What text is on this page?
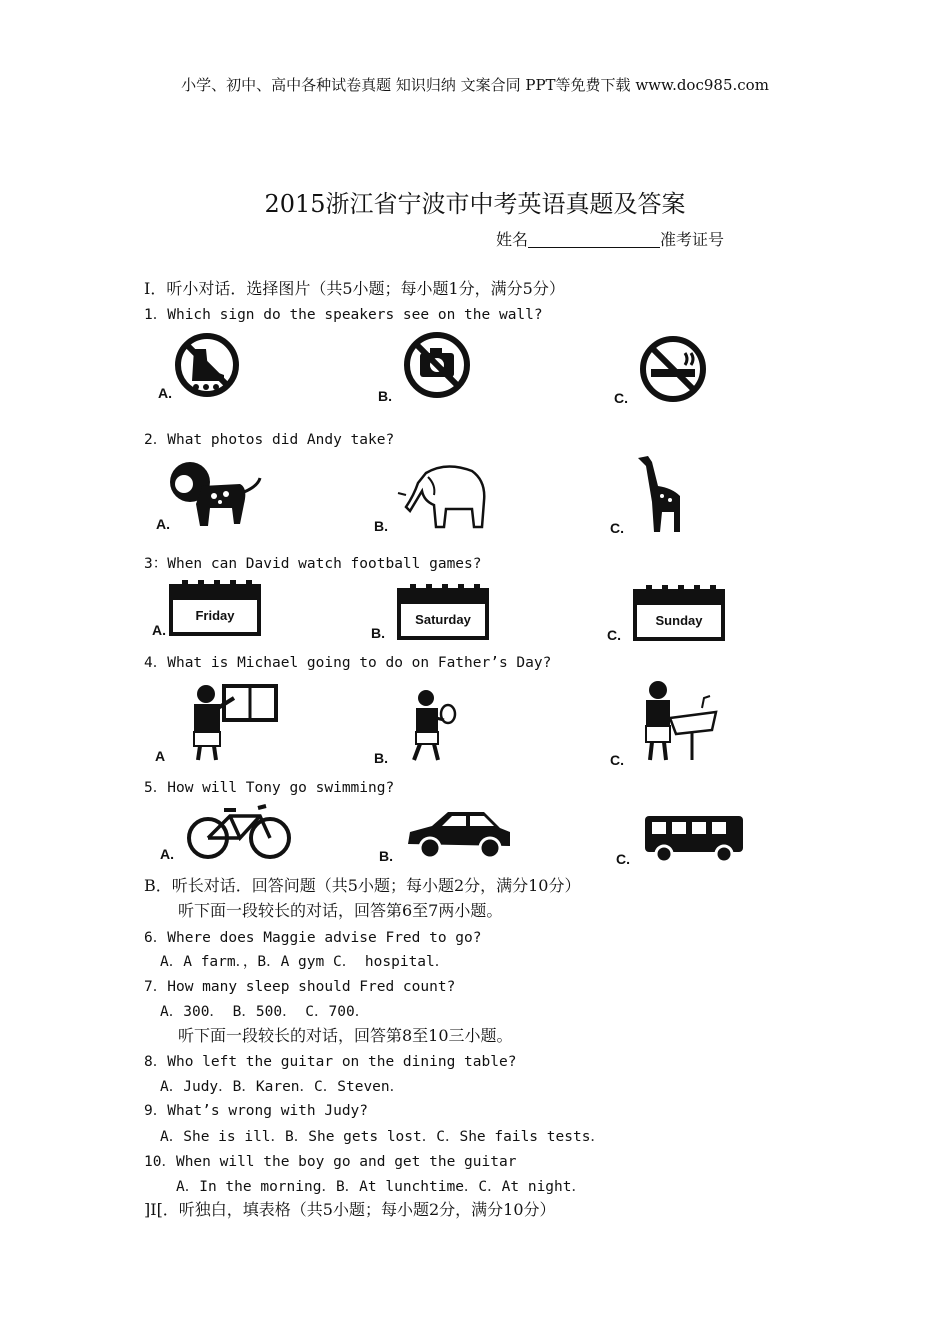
小学、初中、高中各种试卷真题 知识归纳 文案合同 PPT等免费下载 www.doc985.com
2015浙江省宁波市中考英语真题及答案
姓名	准考证号
I．听小对话．选择图片（共5小题；每小题1分，满分5分）
1．Which sign do the speakers see on the wall?
A.	B.	C.
2．What photos did Andy take?
A.	B.	C.
3：When can David watch football games?
Friday
A.
Saturday
B.
Sunday
C.
4．What is Michael going to do on Father’s Day?
A	B.	C.
5．How will Tony go swimming?
A.	B.	C.
B．听长对话．回答问题（共5小题；每小题2分，满分10分）
听下面一段较长的对话，回答第6至7两小题。
6．Where does Maggie advise Fred to go?
A．A farm．，B．A gym C． hospital．
7．How many sleep should Fred count?
A．300． B．500． C．700．
听下面一段较长的对话，回答第8至10三小题。
8．Who left the guitar on the dining table?
A．Judy．B．Karen．C．Steven．
9．What’s wrong with Judy?
A．She is ill．B．She gets lost．C．She fails tests．
10．When will the boy go and get the guitar
A．In the morning．B．At lunchtime．C．At night．
]I[．听独白，填表格（共5小题；每小题2分，满分10分）
